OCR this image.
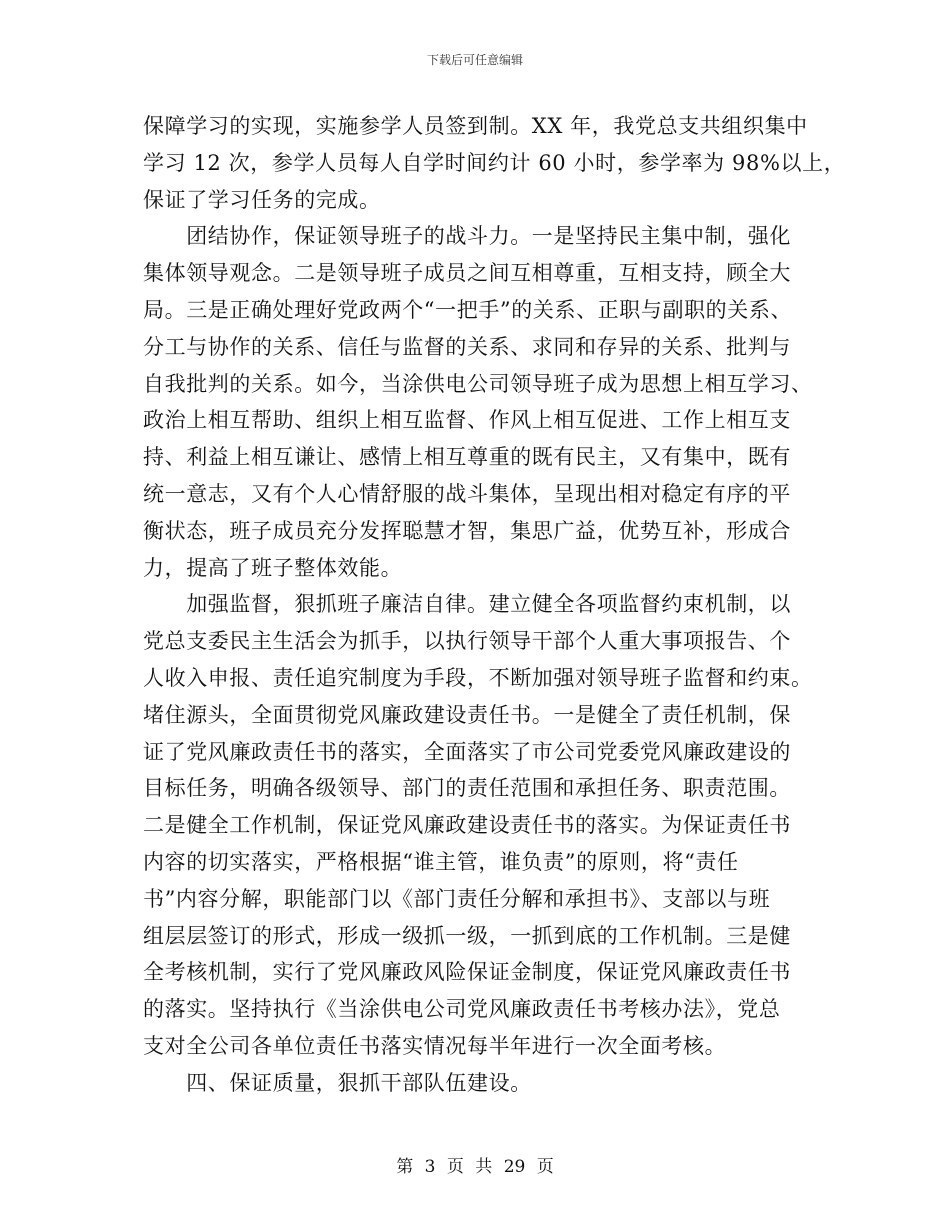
下载后可任意编辑
保障学习的实现，实施参学人员签到制。XX 年，我党总支共组织集中
学习 12 次，参学人员每人自学时间约计 60 小时，参学率为 98%以上，
保证了学习任务的完成。
　　团结协作，保证领导班子的战斗力。一是坚持民主集中制，强化
集体领导观念。二是领导班子成员之间互相尊重，互相支持，顾全大
局。三是正确处理好党政两个“一把手”的关系、正职与副职的关系、
分工与协作的关系、信任与监督的关系、求同和存异的关系、批判与
自我批判的关系。如今，当涂供电公司领导班子成为思想上相互学习、
政治上相互帮助、组织上相互监督、作风上相互促进、工作上相互支
持、利益上相互谦让、感情上相互尊重的既有民主，又有集中，既有
统一意志，又有个人心情舒服的战斗集体，呈现出相对稳定有序的平
衡状态，班子成员充分发挥聪慧才智，集思广益，优势互补，形成合
力，提高了班子整体效能。
　　加强监督，狠抓班子廉洁自律。建立健全各项监督约束机制，以
党总支委民主生活会为抓手，以执行领导干部个人重大事项报告、个
人收入申报、责任追究制度为手段，不断加强对领导班子监督和约束。
堵住源头，全面贯彻党风廉政建设责任书。一是健全了责任机制，保
证了党风廉政责任书的落实，全面落实了市公司党委党风廉政建设的
目标任务，明确各级领导、部门的责任范围和承担任务、职责范围。
二是健全工作机制，保证党风廉政建设责任书的落实。为保证责任书
内容的切实落实，严格根据“谁主管，谁负责”的原则，将“责任
书”内容分解，职能部门以《部门责任分解和承担书》、支部以与班
组层层签订的形式，形成一级抓一级，一抓到底的工作机制。三是健
全考核机制，实行了党风廉政风险保证金制度，保证党风廉政责任书
的落实。坚持执行《当涂供电公司党风廉政责任书考核办法》，党总
支对全公司各单位责任书落实情况每半年进行一次全面考核。
　　四、保证质量，狠抓干部队伍建设。
第 3 页 共 29 页
